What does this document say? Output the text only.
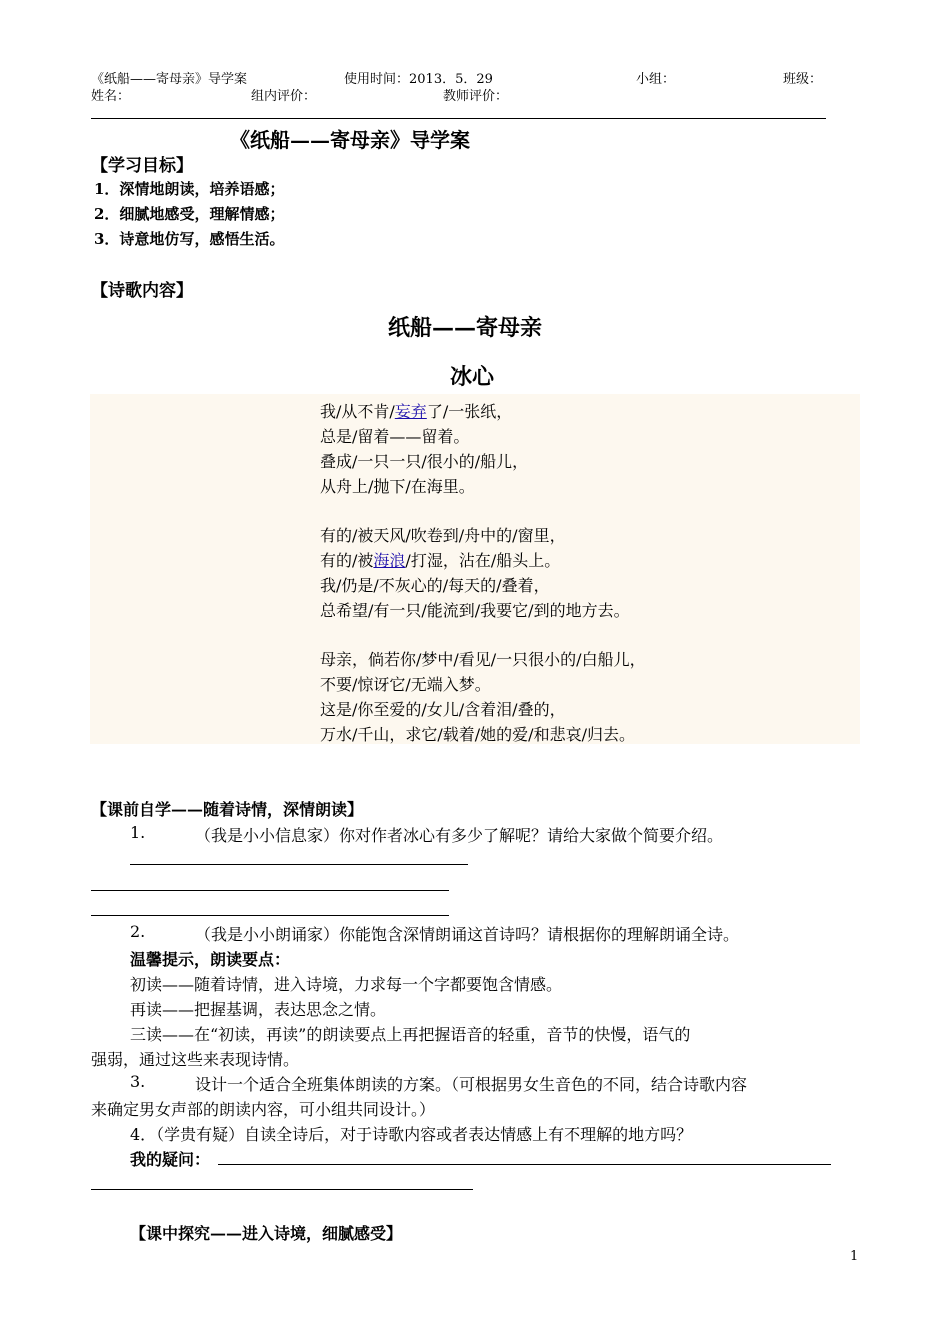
《纸船——寄母亲》导学案	使用时间：2013．5．29	小组：	班级：
姓名：	组内评价：	教师评价：
《纸船——寄母亲》导学案
【学习目标】
1．深情地朗读，培养语感；
2．细腻地感受，理解情感；
3．诗意地仿写，感悟生活。
【诗歌内容】
纸船——寄母亲
冰心
我/从不肯/妄弃了/一张纸，
总是/留着——留着。
叠成/一只一只/很小的/船儿，
从舟上/抛下/在海里。
有的/被天风/吹卷到/舟中的/窗里，
有的/被海浪/打湿，沾在/船头上。
我/仍是/不灰心的/每天的/叠着，
总希望/有一只/能流到/我要它/到的地方去。
母亲，倘若你/梦中/看见/一只很小的/白船儿，
不要/惊讶它/无端入梦。
这是/你至爱的/女儿/含着泪/叠的，
万水/千山，求它/载着/她的爱/和悲哀/归去。
【课前自学——随着诗情，深情朗读】
1.	（我是小小信息家）你对作者冰心有多少了解呢？请给大家做个简要介绍。
2.	（我是小小朗诵家）你能饱含深情朗诵这首诗吗？请根据你的理解朗诵全诗。
温馨提示，朗读要点：
初读——随着诗情，进入诗境，力求每一个字都要饱含情感。
再读——把握基调，表达思念之情。
三读——在“初读，再读”的朗读要点上再把握语音的轻重，音节的快慢，语气的
强弱，通过这些来表现诗情。
3.	设计一个适合全班集体朗读的方案。（可根据男女生音色的不同，结合诗歌内容
来确定男女声部的朗读内容，可小组共同设计。）
4．（学贵有疑）自读全诗后，对于诗歌内容或者表达情感上有不理解的地方吗？
我的疑问：
【课中探究——进入诗境，细腻感受】
1
